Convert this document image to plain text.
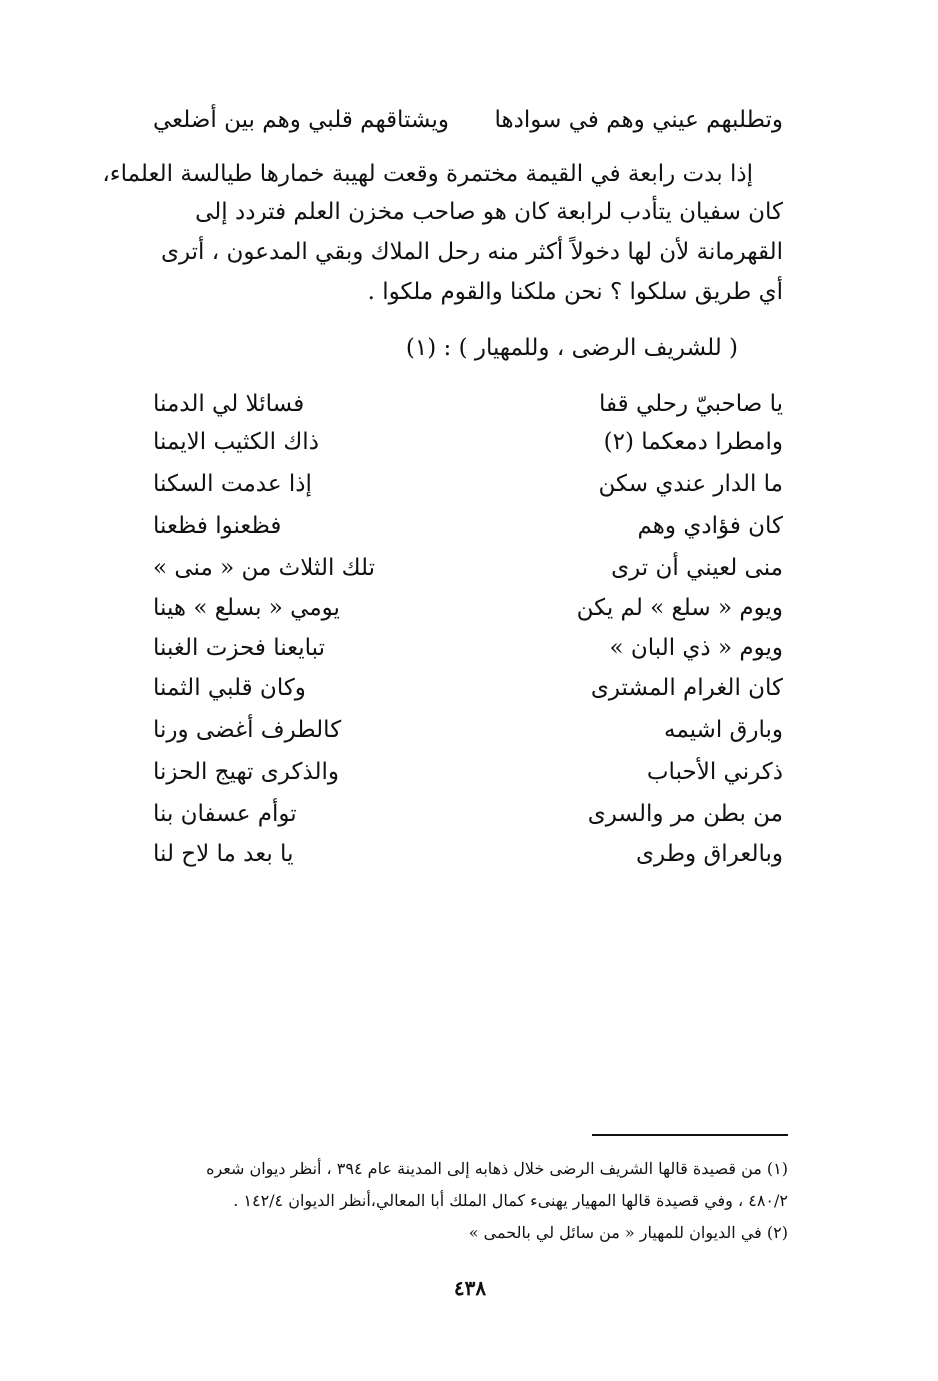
وتطلبهم عيني وهم في سوادها
ويشتاقهم قلبي وهم بين أضلعي
إذا بدت رابعة في القيمة مختمرة وقعت لهيبة خمارها طيالسة العلماء،
كان سفيان يتأدب لرابعة كان هو صاحب مخزن العلم فتردد إلى
القهرمانة لأن لها دخولاً أكثر منه رحل الملاك وبقي المدعون ، أترى
أي طريق سلكوا ؟ نحن ملكنا والقوم ملكوا .
( للشريف الرضى ، وللمهيار ) : (١)
يا صاحبيّ رحلي قفا
فسائلا لي الدمنا
وامطرا دمعكما (٢)
ذاك الكثيب الايمنا
ما الدار عندي سكن
إذا عدمت السكنا
كان فؤادي وهم
فظعنوا فظعنا
منى لعيني أن ترى
تلك الثلاث من « منى »
ويوم « سلع » لم يكن
يومي « بسلع » هينا
ويوم « ذي البان »
تبايعنا فحزت الغبنا
كان الغرام المشترى
وكان قلبي الثمنا
وبارق اشيمه
كالطرف أغضى ورنا
ذكرني الأحباب
والذكرى تهيج الحزنا
من بطن مر والسرى
توأم عسفان بنا
وبالعراق وطرى
يا بعد ما لاح لنا
(١) من قصيدة قالها الشريف الرضى خلال ذهابه إلى المدينة عام ٣٩٤ ، أنظر ديوان شعره
٤٨٠/٢ ، وفي قصيدة قالها المهيار يهنىء كمال الملك أبا المعالي،أنظر الديوان ١٤٢/٤ .
(٢) في الديوان للمهيار « من سائل لي بالحمى »
٤٣٨
